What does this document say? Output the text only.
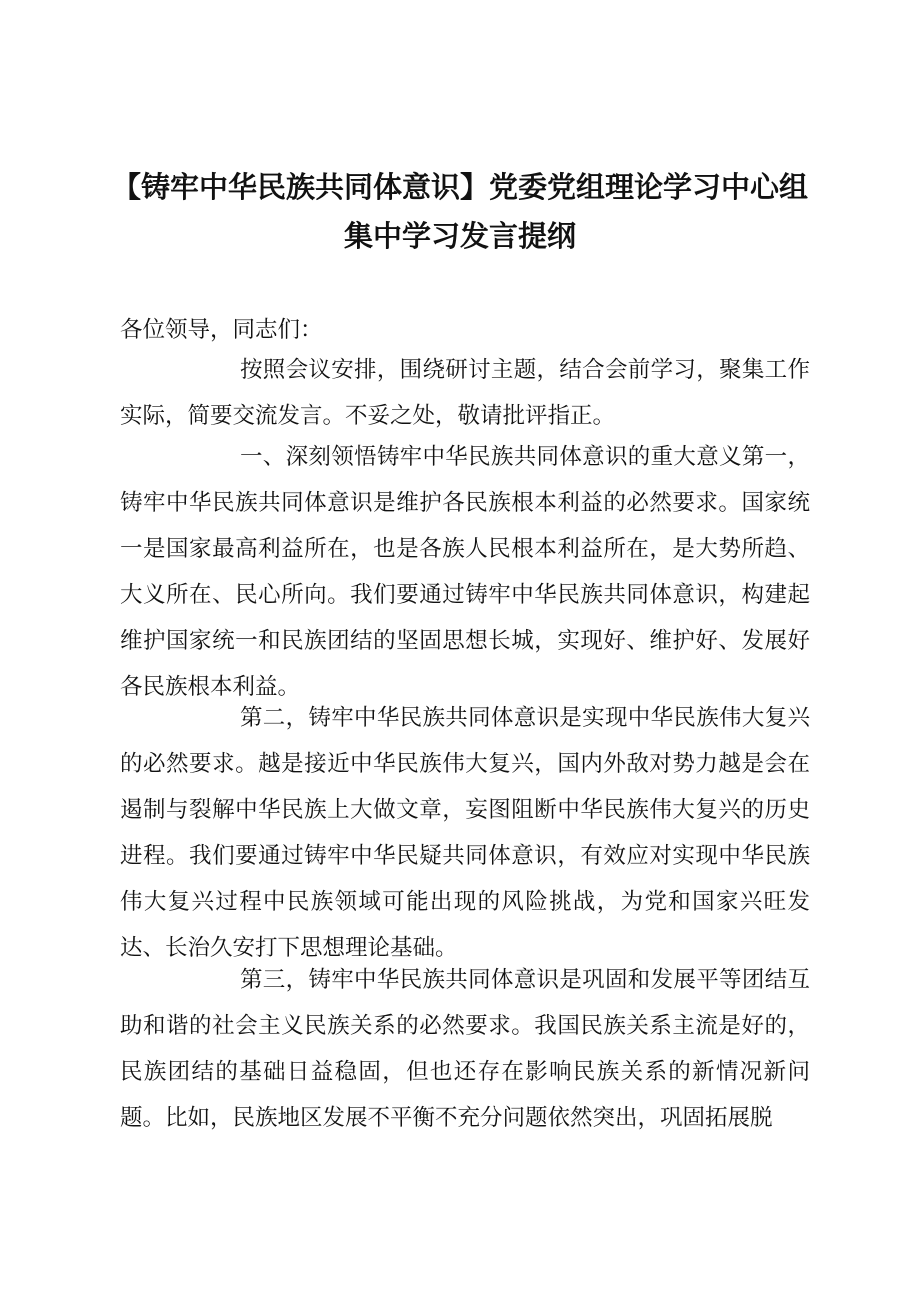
【铸牢中华民族共同体意识】党委党组理论学习中心组
集中学习发言提纲

各位领导，同志们：

按照会议安排，围绕研讨主题，结合会前学习，聚集工作实际，简要交流发言。不妥之处，敬请批评指正。

一、深刻领悟铸牢中华民族共同体意识的重大意义第一，铸牢中华民族共同体意识是维护各民族根本利益的必然要求。国家统一是国家最高利益所在，也是各族人民根本利益所在，是大势所趋、大义所在、民心所向。我们要通过铸牢中华民族共同体意识，构建起维护国家统一和民族团结的坚固思想长城，实现好、维护好、发展好各民族根本利益。

第二，铸牢中华民族共同体意识是实现中华民族伟大复兴的必然要求。越是接近中华民族伟大复兴，国内外敌对势力越是会在遏制与裂解中华民族上大做文章，妄图阻断中华民族伟大复兴的历史进程。我们要通过铸牢中华民疑共同体意识，有效应对实现中华民族伟大复兴过程中民族领域可能出现的风险挑战，为党和国家兴旺发达、长治久安打下思想理论基础。

第三，铸牢中华民族共同体意识是巩固和发展平等团结互助和谐的社会主义民族关系的必然要求。我国民族关系主流是好的，民族团结的基础日益稳固，但也还存在影响民族关系的新情况新问题。比如，民族地区发展不平衡不充分问题依然突出，巩固拓展脱
